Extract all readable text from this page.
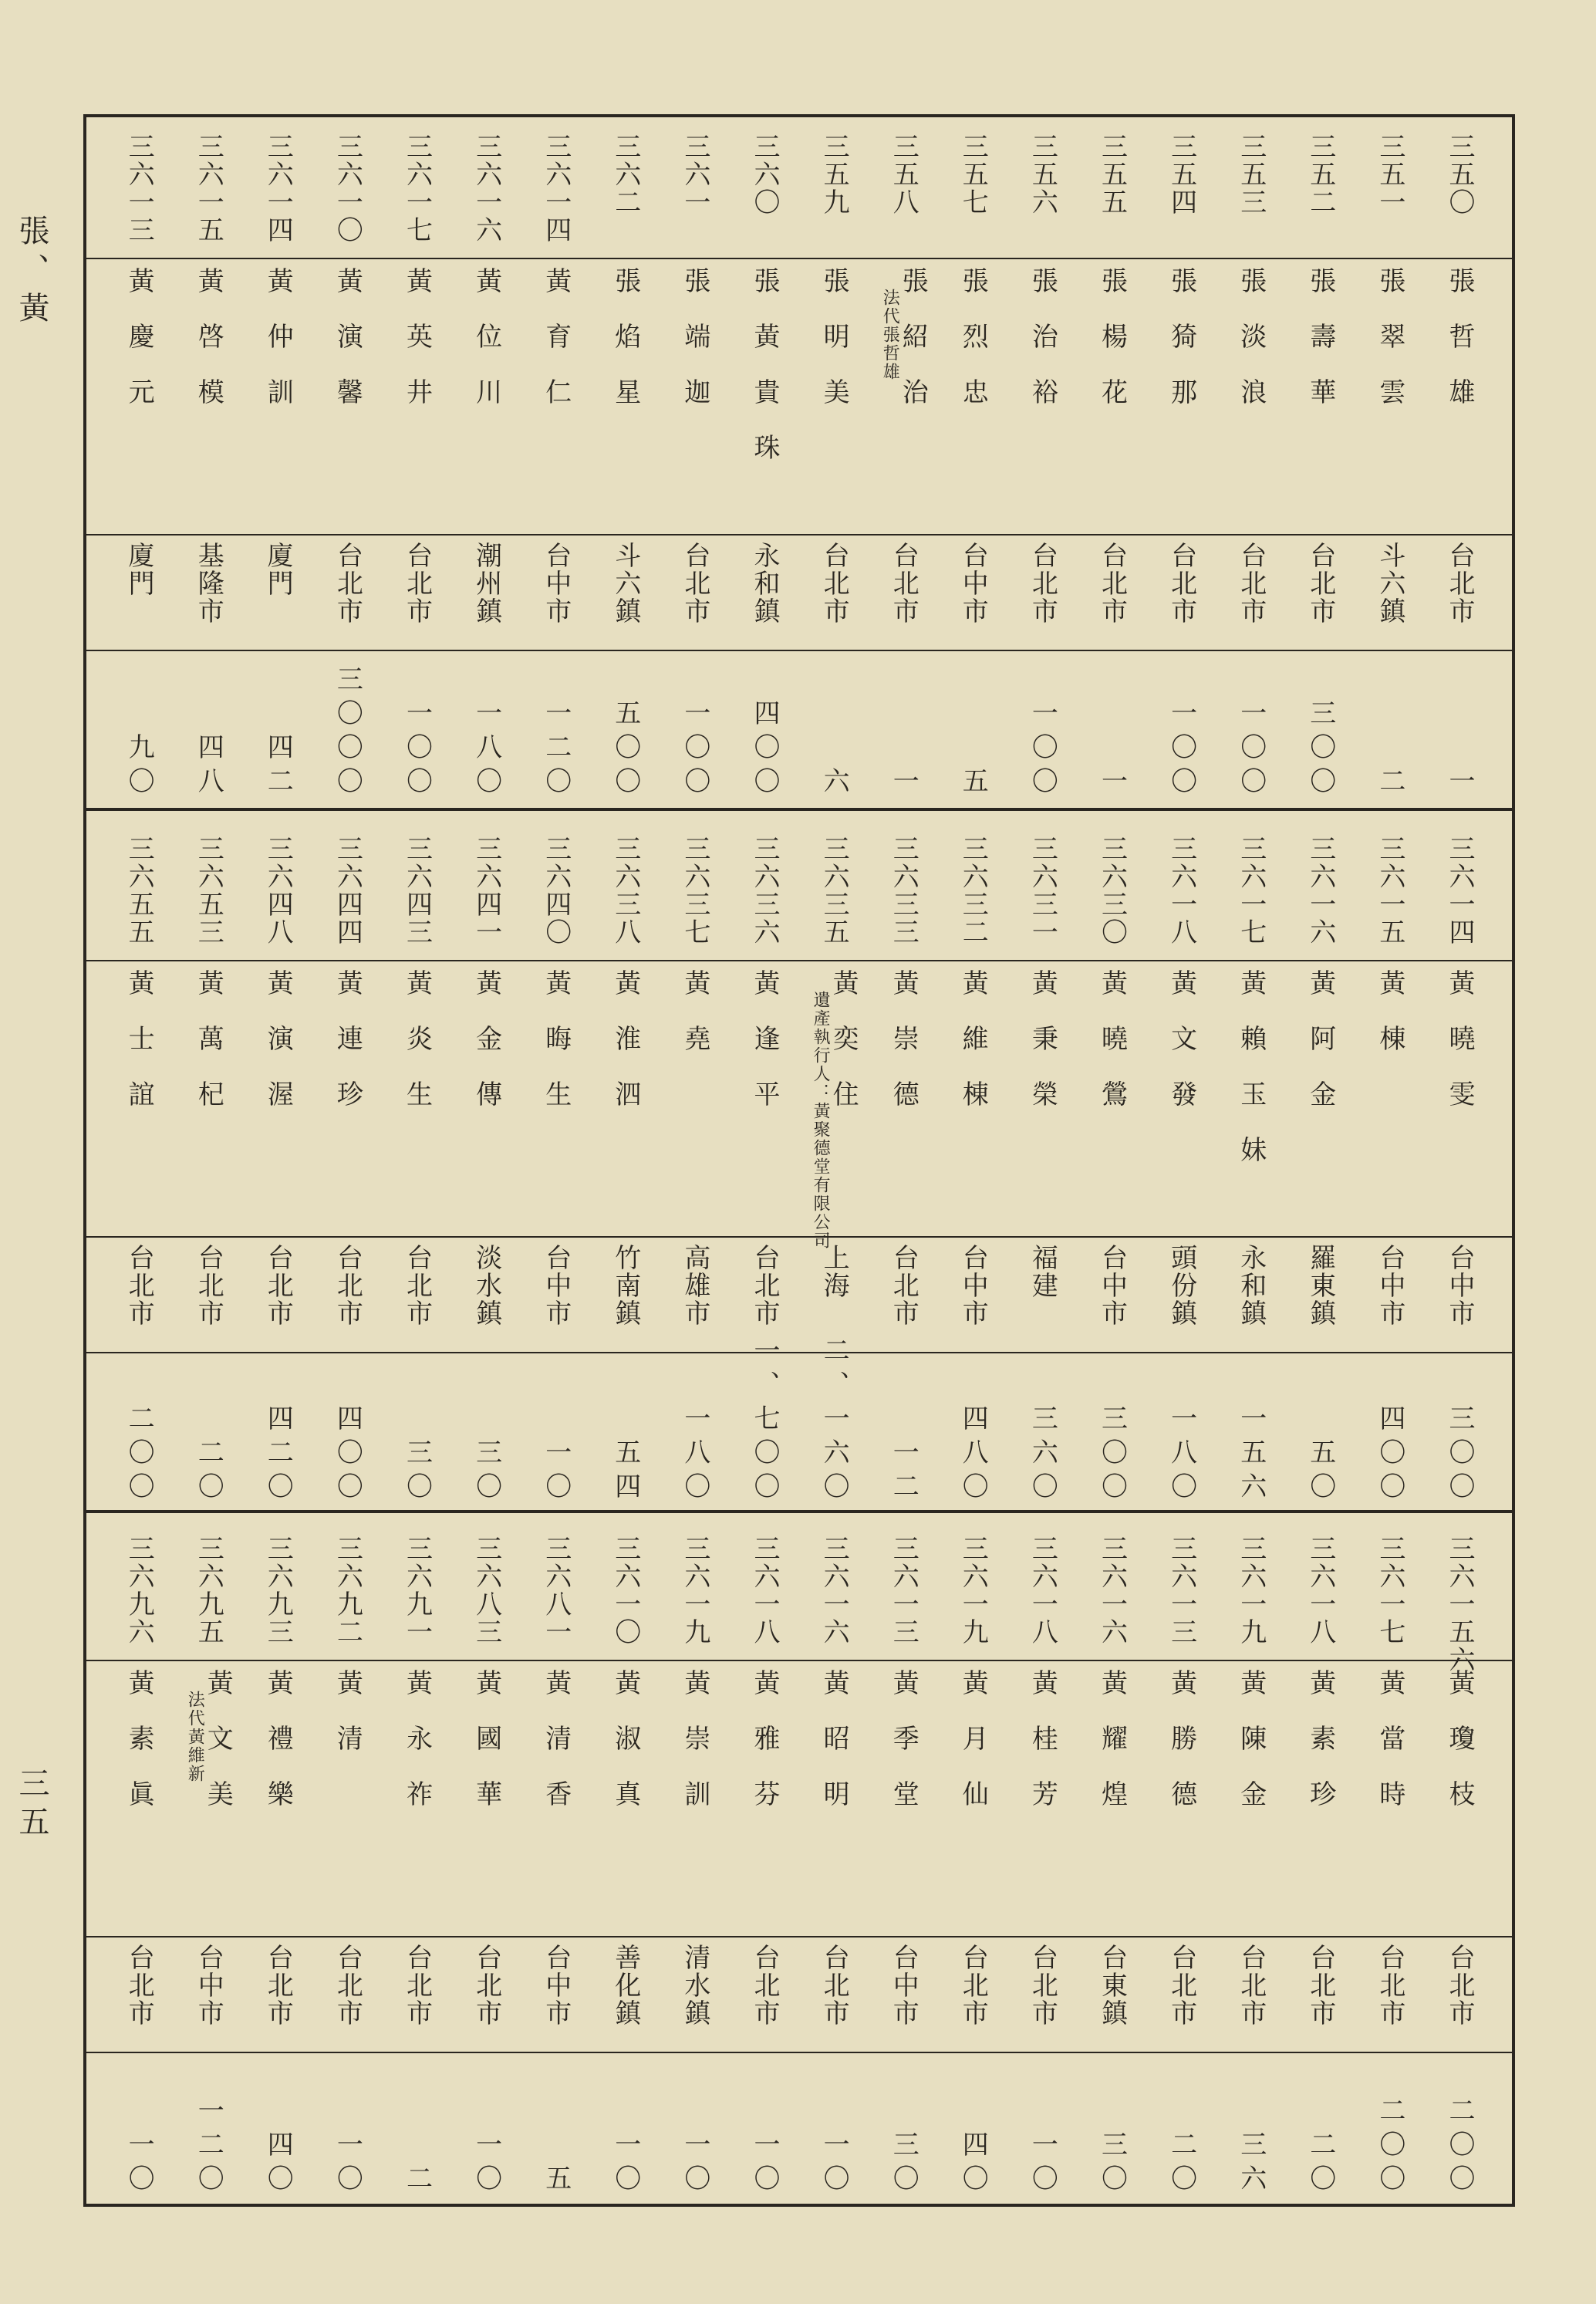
張、黃
三五
三五〇
張哲雄
台北市
一
三五一
張翠雲
斗六鎮
二
三五二
張壽華
台北市
三〇〇
三五三
張淡浪
台北市
一〇〇
三五四
張猗那
台北市
一〇〇
三五五
張楊花
台北市
一
三五六
張治裕
台北市
一〇〇
三五七
張烈忠
台中市
五
三五八
張紹治
法代張哲雄
台北市
一
三五九
張明美
台北市
六
三六〇
張黃貴珠
永和鎮
四〇〇
三六一
張端迦
台北市
一〇〇
三六二
張焰星
斗六鎮
五〇〇
三六一四
黃育仁
台中市
一二〇
三六一六
黃位川
潮州鎮
一八〇
三六一七
黃英井
台北市
一〇〇
三六一〇
黃演馨
台北市
三〇〇〇
三六一四
黃仲訓
廈門
四二
三六一五
黃啓模
基隆市
四八
三六一三
黃慶元
廈門
九〇
三六一四
黃曉雯
台中市
三〇〇
三六一五
黃棟
台中市
四〇〇
三六一六
黃阿金
羅東鎮
五〇
三六一七
黃賴玉妹
永和鎮
一五六
三六一八
黃文發
頭份鎮
一八〇
三六三〇
黃曉鶯
台中市
三〇〇
三六三一
黃秉榮
福建
三六〇
三六三二
黃維棟
台中市
四八〇
三六三三
黃崇德
台北市
一二
三六三五
黃奕住
遺產執行人：黃聚德堂有限公司
上海
二、一六〇
三六三六
黃逢平
台北市
一、七〇〇
三六三七
黃堯
高雄市
一八〇
三六三八
黃淮泗
竹南鎮
五四
三六四〇
黃晦生
台中市
一〇
三六四一
黃金傳
淡水鎮
三〇
三六四三
黃炎生
台北市
三〇
三六四四
黃連珍
台北市
四〇〇
三六四八
黃演渥
台北市
四二〇
三六五三
黃萬杞
台北市
二〇
三六五五
黃士誼
台北市
二〇〇
三六一五六
黃瓊枝
台北市
二〇〇
三六一七
黃當時
台北市
二〇〇
三六一八
黃素珍
台北市
二〇
三六一九
黃陳金
台北市
三六
三六一三
黃勝德
台北市
二〇
三六一六
黃耀煌
台東鎮
三〇
三六一八
黃桂芳
台北市
一〇
三六一九
黃月仙
台北市
四〇
三六一三
黃季堂
台中市
三〇
三六一六
黃昭明
台北市
一〇
三六一八
黃雅芬
台北市
一〇
三六一九
黃崇訓
清水鎮
一〇
三六一〇
黃淑真
善化鎮
一〇
三六八一
黃清香
台中市
五
三六八三
黃國華
台北市
一〇
三六九一
黃永祚
台北市
二
三六九二
黃清
台北市
一〇
三六九三
黃禮樂
台北市
四〇
三六九五
黃文美
法代黃維新
台中市
一二〇
三六九六
黃素眞
台北市
一〇
